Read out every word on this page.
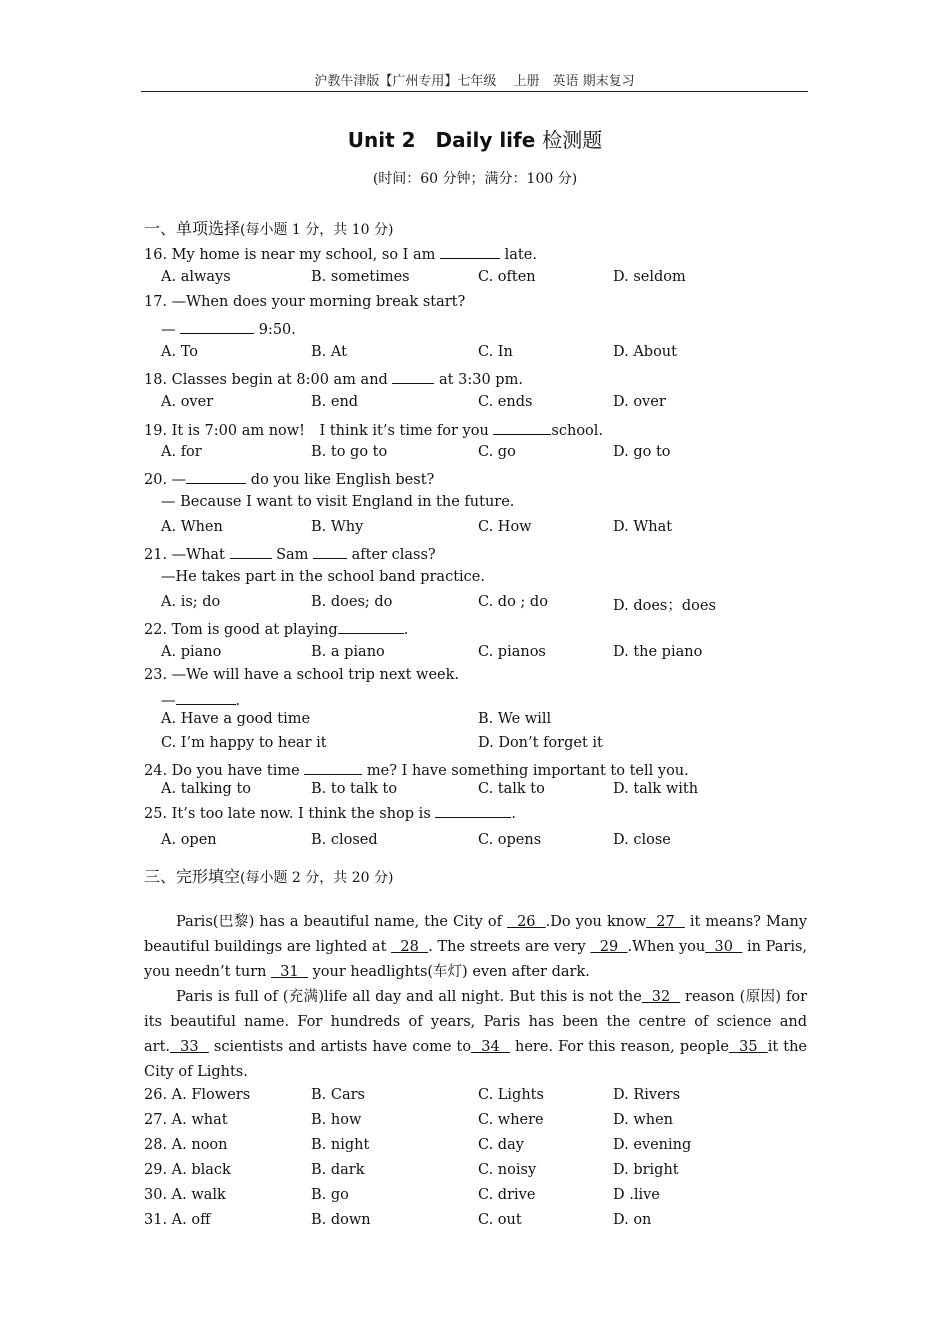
沪教牛津版【广州专用】七年级　 上册　英语 期末复习
Unit 2　Daily life 检测题
(时间：60 分钟；满分：100 分)
一、单项选择(每小题 1 分，共 10 分)
16. My home is near my school, so I am	late.
A. always	B. sometimes	C. often	D. seldom
17. —When does your morning break start?
—	9:50.
A. To	B. At	C. In	D. About
18. Classes begin at 8:00 am and	at 3:30 pm.
A. over	B. end	C. ends	D. over
19. It is 7:00 am now!　I think it’s time for you	school.
A. for	B. to go to	C. go	D. go to
20. —	do you like English best?
— Because I want to visit England in the future.
A. When	B. Why	C. How	D. What
21. —What	Sam  after class?
—He takes part in the school band practice.
A. is; do	B. does; do	C. do ; do	D. does；does
22. Tom is good at playing	.
A. piano	B. a piano	C. pianos	D. the piano
23. —We will have a school trip next week.
—	.
A. Have a good time	B. We will
C. I’m happy to hear it	D. Don’t forget it
24. Do you have time	me? I have something important to tell you.
A. talking to	B. to talk to	C. talk to	D. talk with
25. It’s too late now. I think the shop is	.
A. open	B. closed	C. opens	D. close
三、完形填空(每小题 2 分，共 20 分)

Paris(巴黎) has a beautiful name, the City of   26  .Do you know  27   it means? Many beautiful buildings are lighted at   28  . The streets are very   29  .When you  30   in Paris, you needn’t turn   31   your headlights(车灯) even after dark.

Paris is full of (充满)life all day and all night. But this is not the  32   reason (原因) for its beautiful name. For hundreds of years, Paris has been the centre of science and art.  33   scientists and artists have come to  34   here. For this reason, people  35  it the City of Lights.

26. A. Flowers	B. Cars	C. Lights	D. Rivers
27. A. what	B. how	C. where	D. when
28. A. noon	B. night	C. day	D. evening
29. A. black	B. dark	C. noisy	D. bright
30. A. walk	B. go	C. drive	D .live
31. A. off	B. down	C. out	D. on
